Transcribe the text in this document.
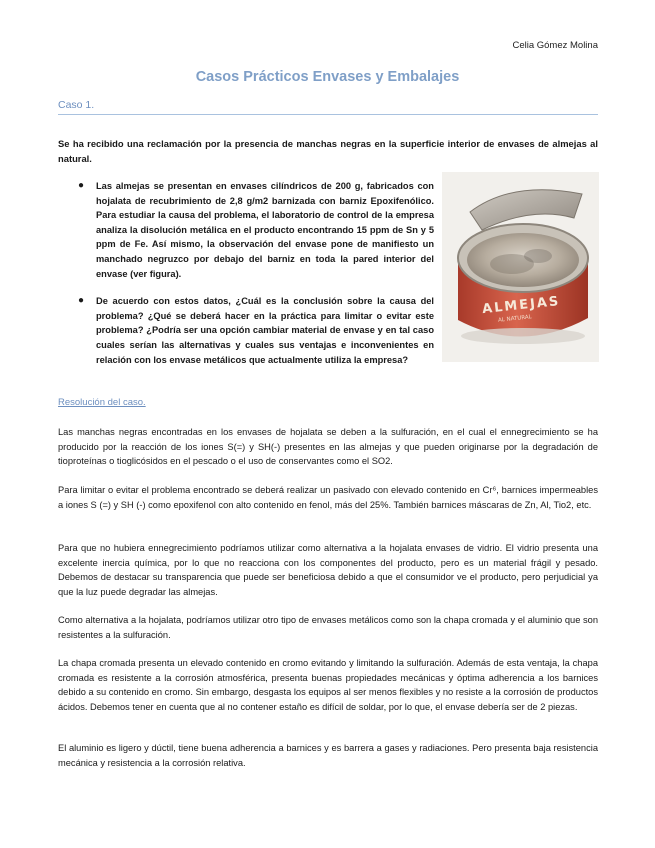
Celia Gómez Molina
Casos Prácticos Envases y Embalajes
Caso 1.

Se ha recibido una reclamación por la presencia de manchas negras en la superficie interior de envases de almejas al natural.

● Las almejas se presentan en envases cilíndricos de 200 g, fabricados con hojalata de recubrimiento de 2,8 g/m2 barnizada con barniz Epoxifenólico. Para estudiar la causa del problema, el laboratorio de control de la empresa analiza la disolución metálica en el producto encontrando 15 ppm de Sn y 5 ppm de Fe. Así mismo, la observación del envase pone de manifiesto un manchado negruzco por debajo del barniz en toda la pared interior del envase (ver figura).
● De acuerdo con estos datos, ¿Cuál es la conclusión sobre la causa del problema? ¿Qué se deberá hacer en la práctica para limitar o evitar este problema? ¿Podría ser una opción cambiar material de envase y en tal caso cuales serían las alternativas y cuales sus ventajas e inconvenientes en relación con los envase metálicos que actualmente utiliza la empresa?
ALMEJAS
AL NATURAL
Resolución del caso.

Las manchas negras encontradas en los envases de hojalata se deben a la sulfuración, en el cual el ennegrecimiento se ha producido por la reacción de los iones S(=) y SH(-) presentes en las almejas y que pueden originarse por la degradación de tioproteínas o tioglicósidos en el pescado o el uso de conservantes como el SO2.

Para limitar o evitar el problema encontrado se deberá realizar un pasivado con elevado contenido en Cr⁶, barnices impermeables a iones S (=) y SH (-) como epoxifenol con alto contenido en fenol, más del 25%. También barnices máscaras de Zn, Al, Tio2, etc.

Para que no hubiera ennegrecimiento podríamos utilizar como alternativa a la hojalata envases de vidrio. El vidrio presenta una excelente inercia química, por lo que no reacciona con los componentes del producto, pero es un material frágil y pesado. Debemos de destacar su transparencia que puede ser beneficiosa debido a que el consumidor ve el producto, pero perjudicial ya que la luz puede degradar las almejas.

Como alternativa a la hojalata, podríamos utilizar otro tipo de envases metálicos como son la chapa cromada y el aluminio que son resistentes a la sulfuración.

La chapa cromada presenta un elevado contenido en cromo evitando y limitando la sulfuración. Además de esta ventaja, la chapa cromada es resistente a la corrosión atmosférica, presenta buenas propiedades mecánicas y óptima adherencia a los barnices debido a su contenido en cromo. Sin embargo, desgasta los equipos al ser menos flexibles y no resiste a la corrosión de productos ácidos. Debemos tener en cuenta que al no contener estaño es difícil de soldar, por lo que, el envase debería ser de 2 piezas.

El aluminio es ligero y dúctil, tiene buena adherencia a barnices y es barrera a gases y radiaciones. Pero presenta baja resistencia mecánica y resistencia a la corrosión relativa.
